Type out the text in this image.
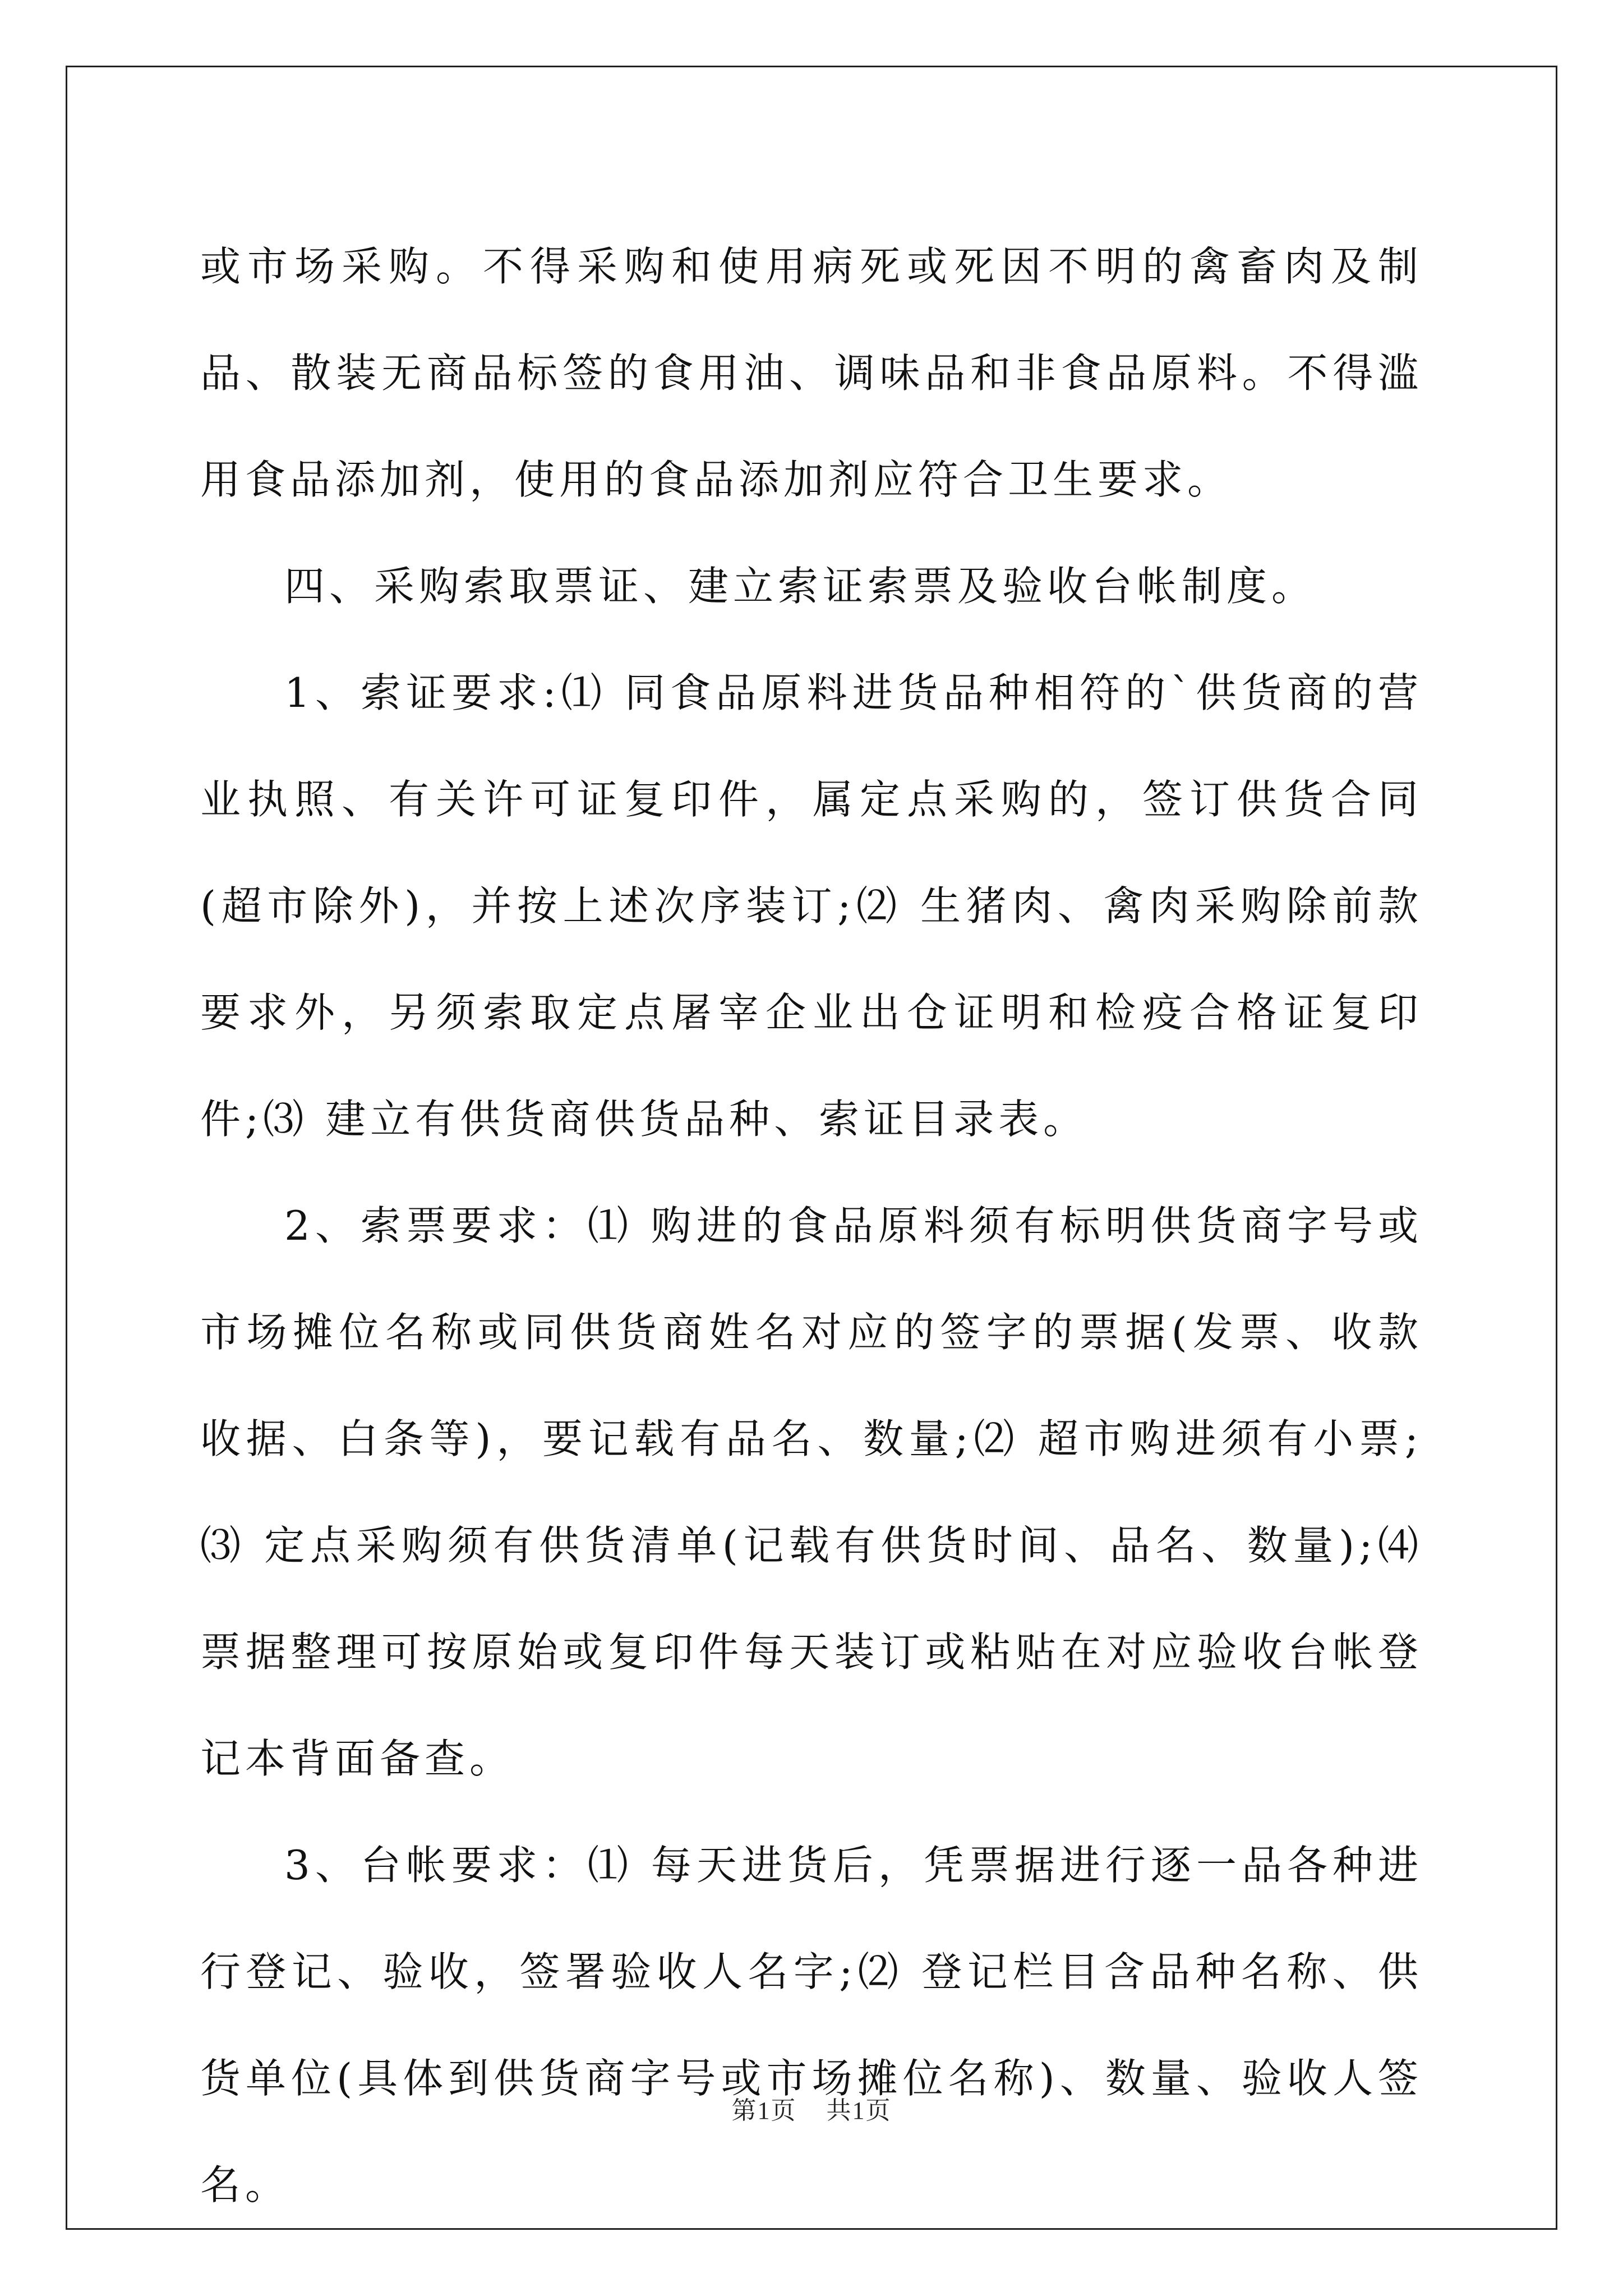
或市场采购。不得采购和使用病死或死因不明的禽畜肉及制品、散装无商品标签的食用油、调味品和非食品原料。不得滥用食品添加剂，使用的食品添加剂应符合卫生要求。

四、采购索取票证、建立索证索票及验收台帐制度。

1、索证要求:⑴ 同食品原料进货品种相符的`供货商的营业执照、有关许可证复印件，属定点采购的，签订供货合同(超市除外)，并按上述次序装订;⑵ 生猪肉、禽肉采购除前款要求外，另须索取定点屠宰企业出仓证明和检疫合格证复印件;⑶ 建立有供货商供货品种、索证目录表。

2、索票要求：⑴ 购进的食品原料须有标明供货商字号或市场摊位名称或同供货商姓名对应的签字的票据(发票、收款收据、白条等)，要记载有品名、数量;⑵ 超市购进须有小票;⑶ 定点采购须有供货清单(记载有供货时间、品名、数量);⑷ 票据整理可按原始或复印件每天装订或粘贴在对应验收台帐登记本背面备查。

3、台帐要求：⑴ 每天进货后，凭票据进行逐一品各种进行登记、验收，签署验收人名字;⑵ 登记栏目含品种名称、供货单位(具体到供货商字号或市场摊位名称)、数量、验收人签名。

第1页 共1页
